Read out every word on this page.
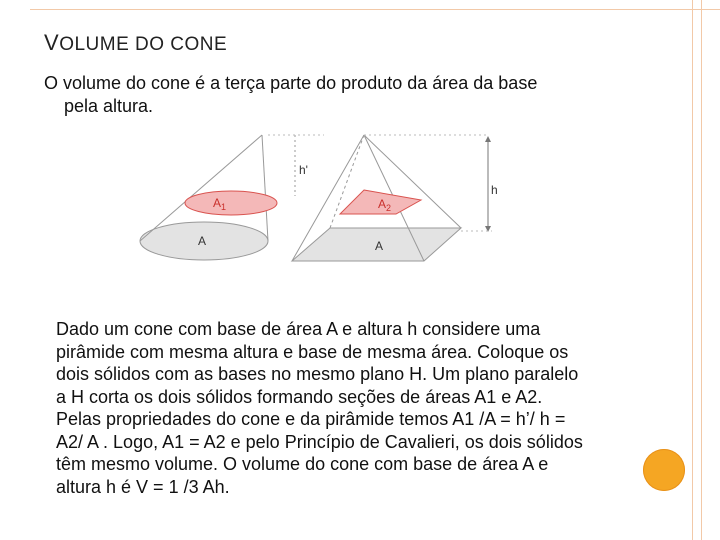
VOLUME DO CONE
O volume do cone é a terça parte do produto da área da base
pela altura.
$A_1$
A
$A_2$
A
h'
h
Dado um cone com base de área A e altura h considere uma
pirâmide com mesma altura e base de mesma área. Coloque os
dois sólidos com as bases no mesmo plano H. Um plano paralelo
a H corta os dois sólidos formando seções de áreas A1 e A2.
Pelas propriedades do cone e da pirâmide temos A1 /A = h’/ h =
A2/ A . Logo, A1 = A2 e pelo Princípio de Cavalieri, os dois sólidos
têm mesmo volume. O volume do cone com base de área A e
altura h é V = 1 /3 Ah.
